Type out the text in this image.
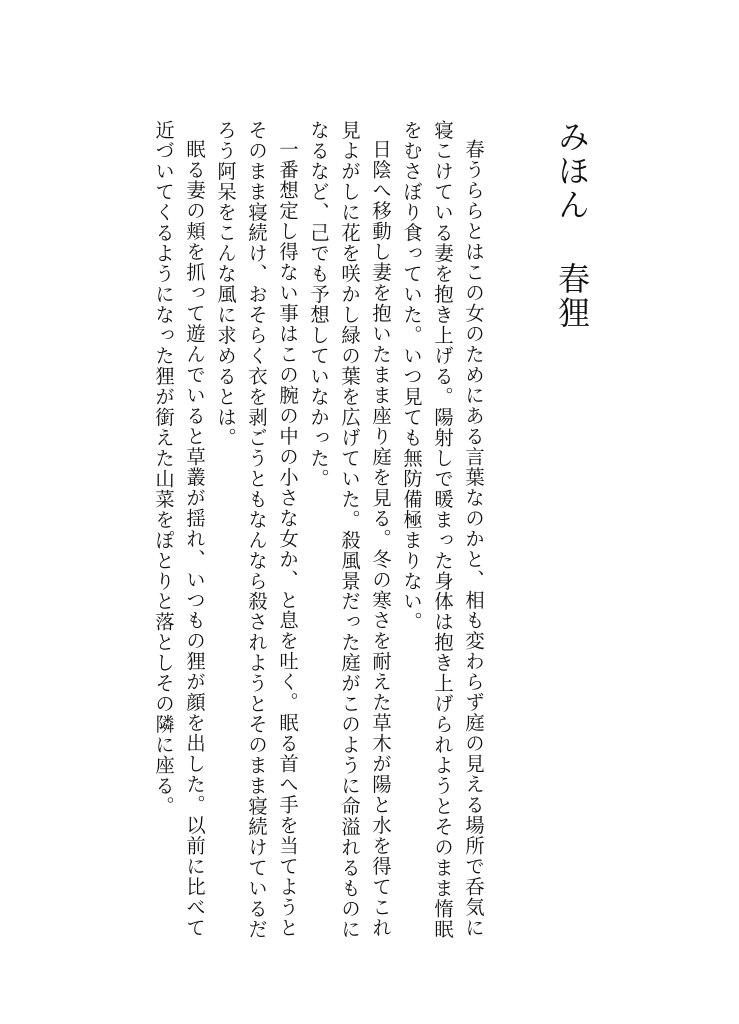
みほん春狸

春うららとはこの女のためにある言葉なのかと、相も変わらず庭の見える場所で呑気に寝こけている妻を抱き上げる。陽射しで暖まった身体は抱き上げられようとそのまま惰眠をむさぼり食っていた。いつ見ても無防備極まりない。

日陰へ移動し妻を抱いたまま座り庭を見る。冬の寒さを耐えた草木が陽と水を得てこれ見よがしに花を咲かし緑の葉を広げていた。殺風景だった庭がこのように命溢れるものになるなど、己でも予想していなかった。

一番想定し得ない事はこの腕の中の小さな女か、と息を吐く。眠る首へ手を当てようとそのまま寝続け、おそらく衣を剥ごうともなんなら殺されようとそのまま寝続けているだろう阿呆をこんな風に求めるとは。

眠る妻の頬を抓って遊んでいると草叢が揺れ、いつもの狸が顔を出した。以前に比べて近づいてくるようになった狸が銜えた山菜をぽとりと落としその隣に座る。
